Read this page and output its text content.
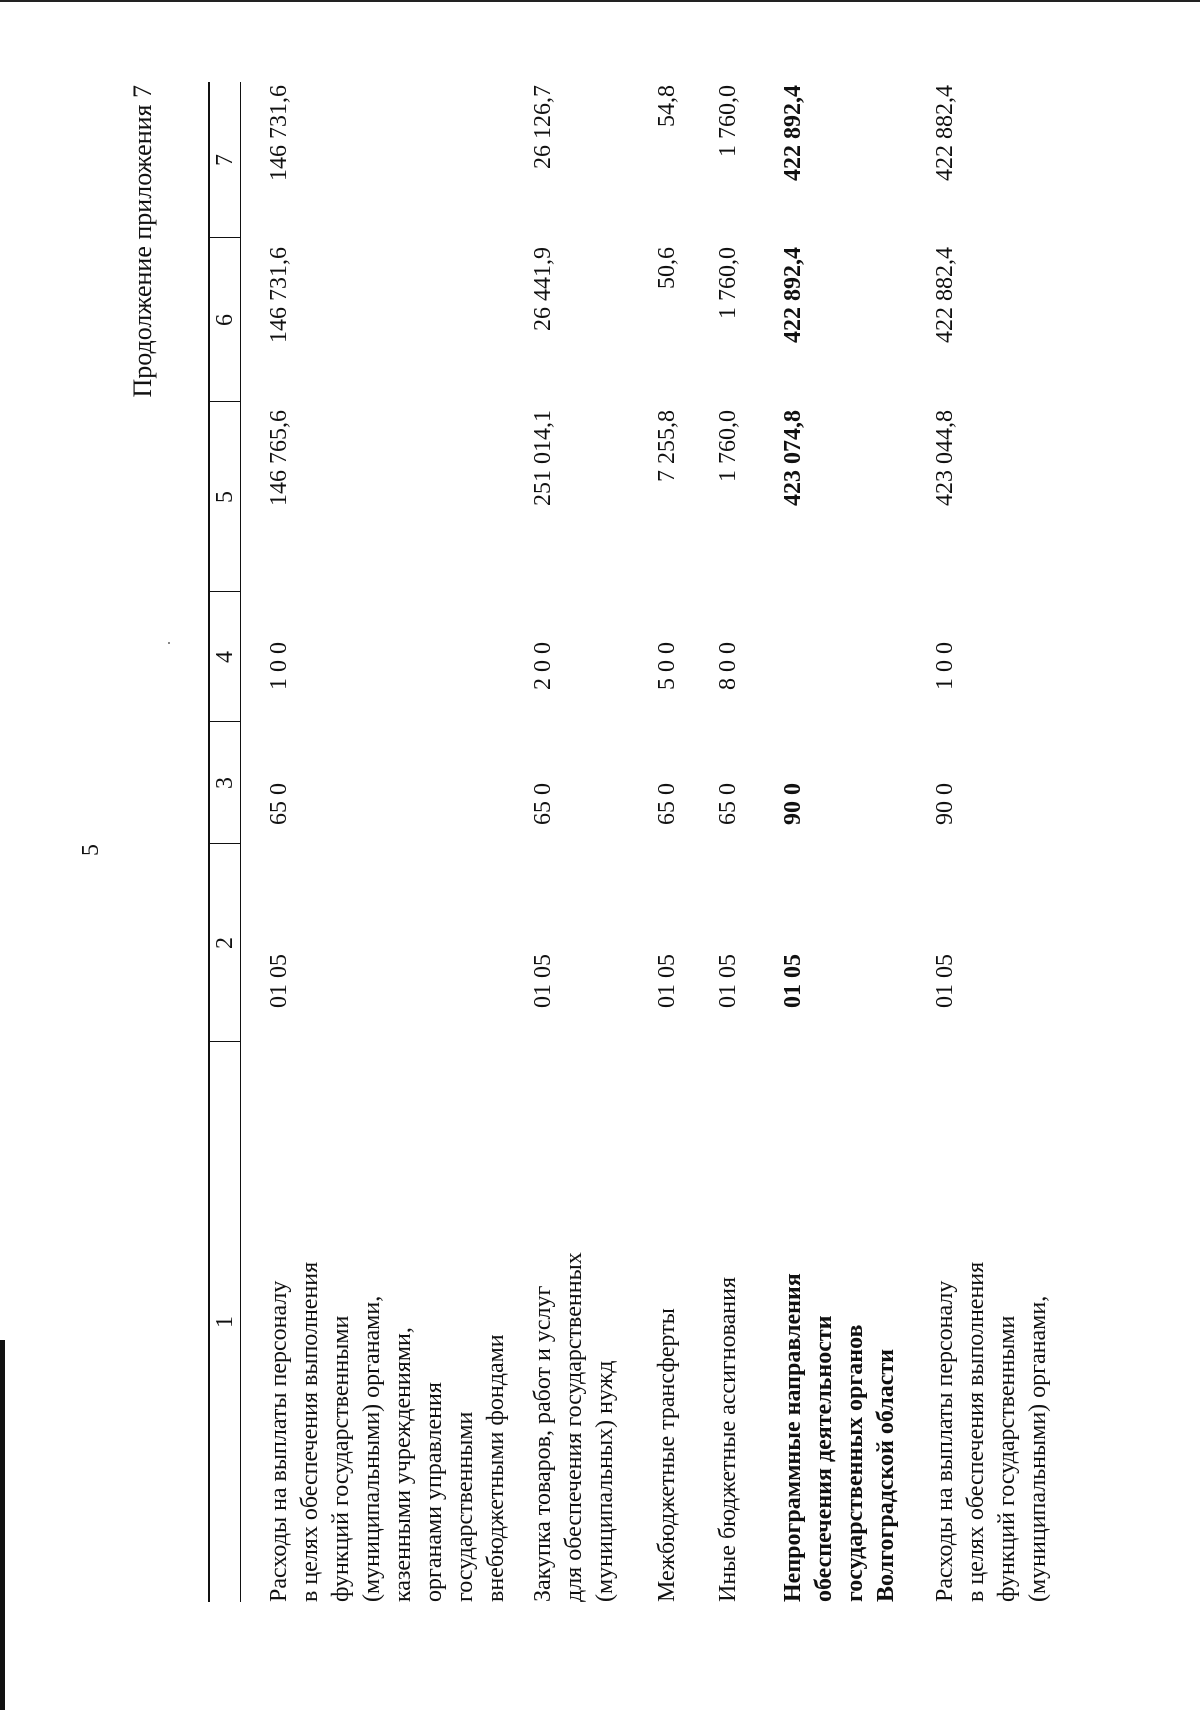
5
Продолжение приложения 7
1
2
3
4
5
6
7
Расходы на выплаты персоналу в целях обеспечения выполнения функций государственными (муниципальными) органами, казенными учреждениями, органами управления государственными внебюджетными фондами
01 05
65 0
1 0 0
146 765,6
146 731,6
146 731,6
Закупка товаров, работ и услуг для обеспечения государственных (муниципальных) нужд
01 05
65 0
2 0 0
251 014,1
26 441,9
26 126,7
Межбюджетные трансферты
01 05
65 0
5 0 0
7 255,8
50,6
54,8
Иные бюджетные ассигнования
01 05
65 0
8 0 0
1 760,0
1 760,0
1 760,0
Непрограммные направления обеспечения деятельности государственных органов Волгоградской области
01 05
90 0
423 074,8
422 892,4
422 892,4
Расходы на выплаты персоналу в целях обеспечения выполнения функций государственными (муниципальными) органами,
01 05
90 0
1 0 0
423 044,8
422 882,4
422 882,4
